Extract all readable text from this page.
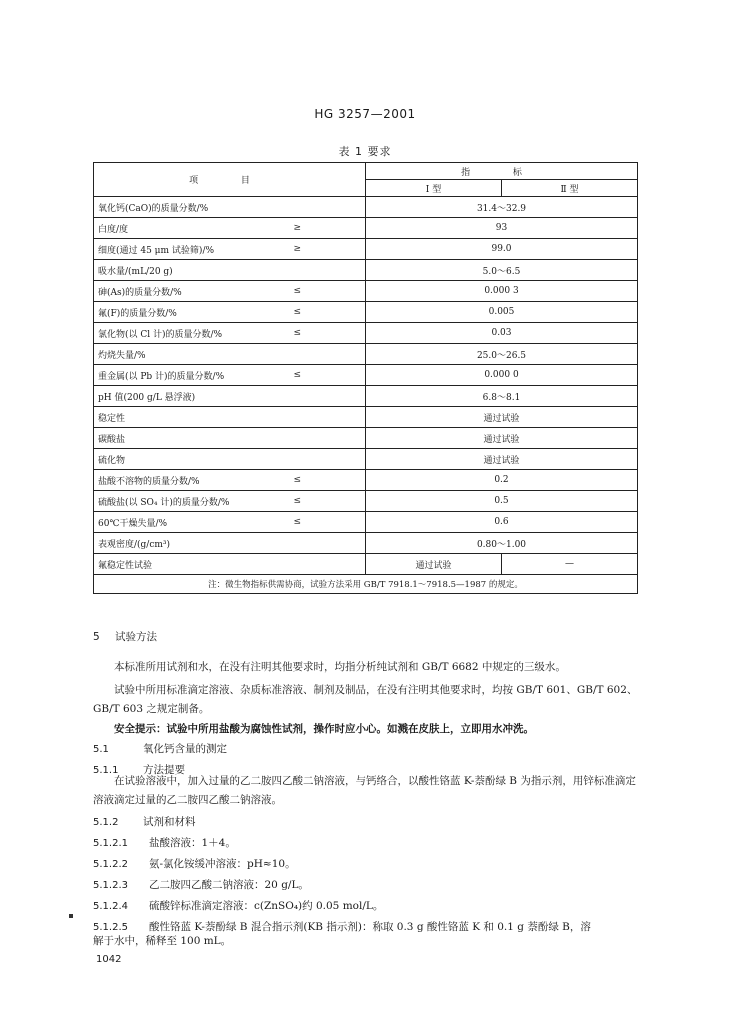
HG 3257—2001
表 1 要求
项 目		指 标	
		Ⅰ 型	Ⅱ 型
氧化钙(CaO)的质量分数/%		31.4～32.9	
白度/度	≥	93	
细度(通过 45 μm 试验筛)/%	≥	99.0	
吸水量/(mL/20 g)		5.0～6.5	
砷(As)的质量分数/%	≤	0.000 3	
氟(F)的质量分数/%	≤	0.005	
氯化物(以 Cl 计)的质量分数/%	≤	0.03	
灼烧失量/%		25.0～26.5	
重金属(以 Pb 计)的质量分数/%	≤	0.000 0	
pH 值(200 g/L 悬浮液)		6.8～8.1	
稳定性		通过试验	
碳酸盐		通过试验	
硫化物		通过试验	
盐酸不溶物的质量分数/%	≤	0.2	
硫酸盐(以 SO₄ 计)的质量分数/%	≤	0.5	
60℃干燥失量/%	≤	0.6	
表观密度/(g/cm³)		0.80～1.00	
氟稳定性试验		通过试验	—
注：微生物指标供需协商，试验方法采用 GB/T 7918.1～7918.5—1987 的规定。			
5 试验方法
本标准所用试剂和水，在没有注明其他要求时，均指分析纯试剂和 GB/T 6682 中规定的三级水。
试验中所用标准滴定溶液、杂质标准溶液、制剂及制品，在没有注明其他要求时，均按 GB/T 601、GB/T 602、GB/T 603 之规定制备。
安全提示：试验中所用盐酸为腐蚀性试剂，操作时应小心。如溅在皮肤上，立即用水冲洗。
5.1	氧化钙含量的测定
5.1.1 方法提要
在试验溶液中，加入过量的乙二胺四乙酸二钠溶液，与钙络合，以酸性铬蓝 K-萘酚绿 B 为指示剂，用锌标准滴定溶液滴定过量的乙二胺四乙酸二钠溶液。
5.1.2 试剂和材料
5.1.2.1 盐酸溶液：1＋4。
5.1.2.2 氨-氯化铵缓冲溶液：pH≈10。
5.1.2.3 乙二胺四乙酸二钠溶液：20 g/L。
5.1.2.4 硫酸锌标准滴定溶液：c(ZnSO₄)约 0.05 mol/L。
5.1.2.5 酸性铬蓝 K-萘酚绿 B 混合指示剂(KB 指示剂)：称取 0.3 g 酸性铬蓝 K 和 0.1 g 萘酚绿 B，溶
解于水中，稀释至 100 mL。
1042
